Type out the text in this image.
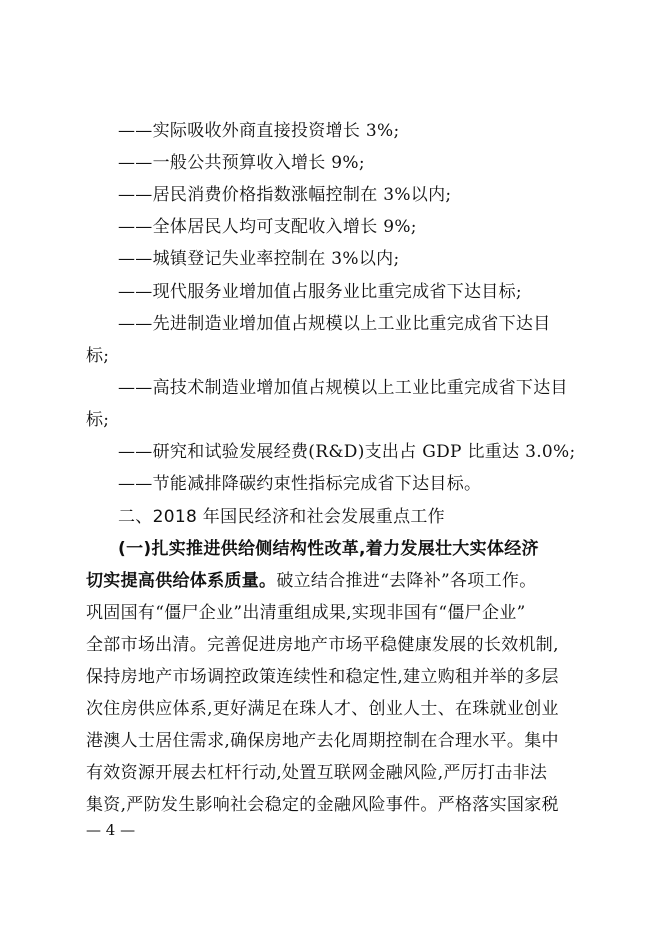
——实际吸收外商直接投资增长 3%;
——一般公共预算收入增长 9%;
——居民消费价格指数涨幅控制在 3%以内;
——全体居民人均可支配收入增长 9%;
——城镇登记失业率控制在 3%以内;
——现代服务业增加值占服务业比重完成省下达目标;
——先进制造业增加值占规模以上工业比重完成省下达目
标;
——高技术制造业增加值占规模以上工业比重完成省下达目
标;
——研究和试验发展经费(R&D)支出占 GDP 比重达 3.0%;
——节能减排降碳约束性指标完成省下达目标。
二、2018 年国民经济和社会发展重点工作
(一)扎实推进供给侧结构性改革,着力发展壮大实体经济
切实提高供给体系质量。破立结合推进“去降补”各项工作。
巩固国有“僵尸企业”出清重组成果,实现非国有“僵尸企业”
全部市场出清。完善促进房地产市场平稳健康发展的长效机制,
保持房地产市场调控政策连续性和稳定性,建立购租并举的多层
次住房供应体系,更好满足在珠人才、创业人士、在珠就业创业
港澳人士居住需求,确保房地产去化周期控制在合理水平。集中
有效资源开展去杠杆行动,处置互联网金融风险,严厉打击非法
集资,严防发生影响社会稳定的金融风险事件。严格落实国家税
— 4 —
